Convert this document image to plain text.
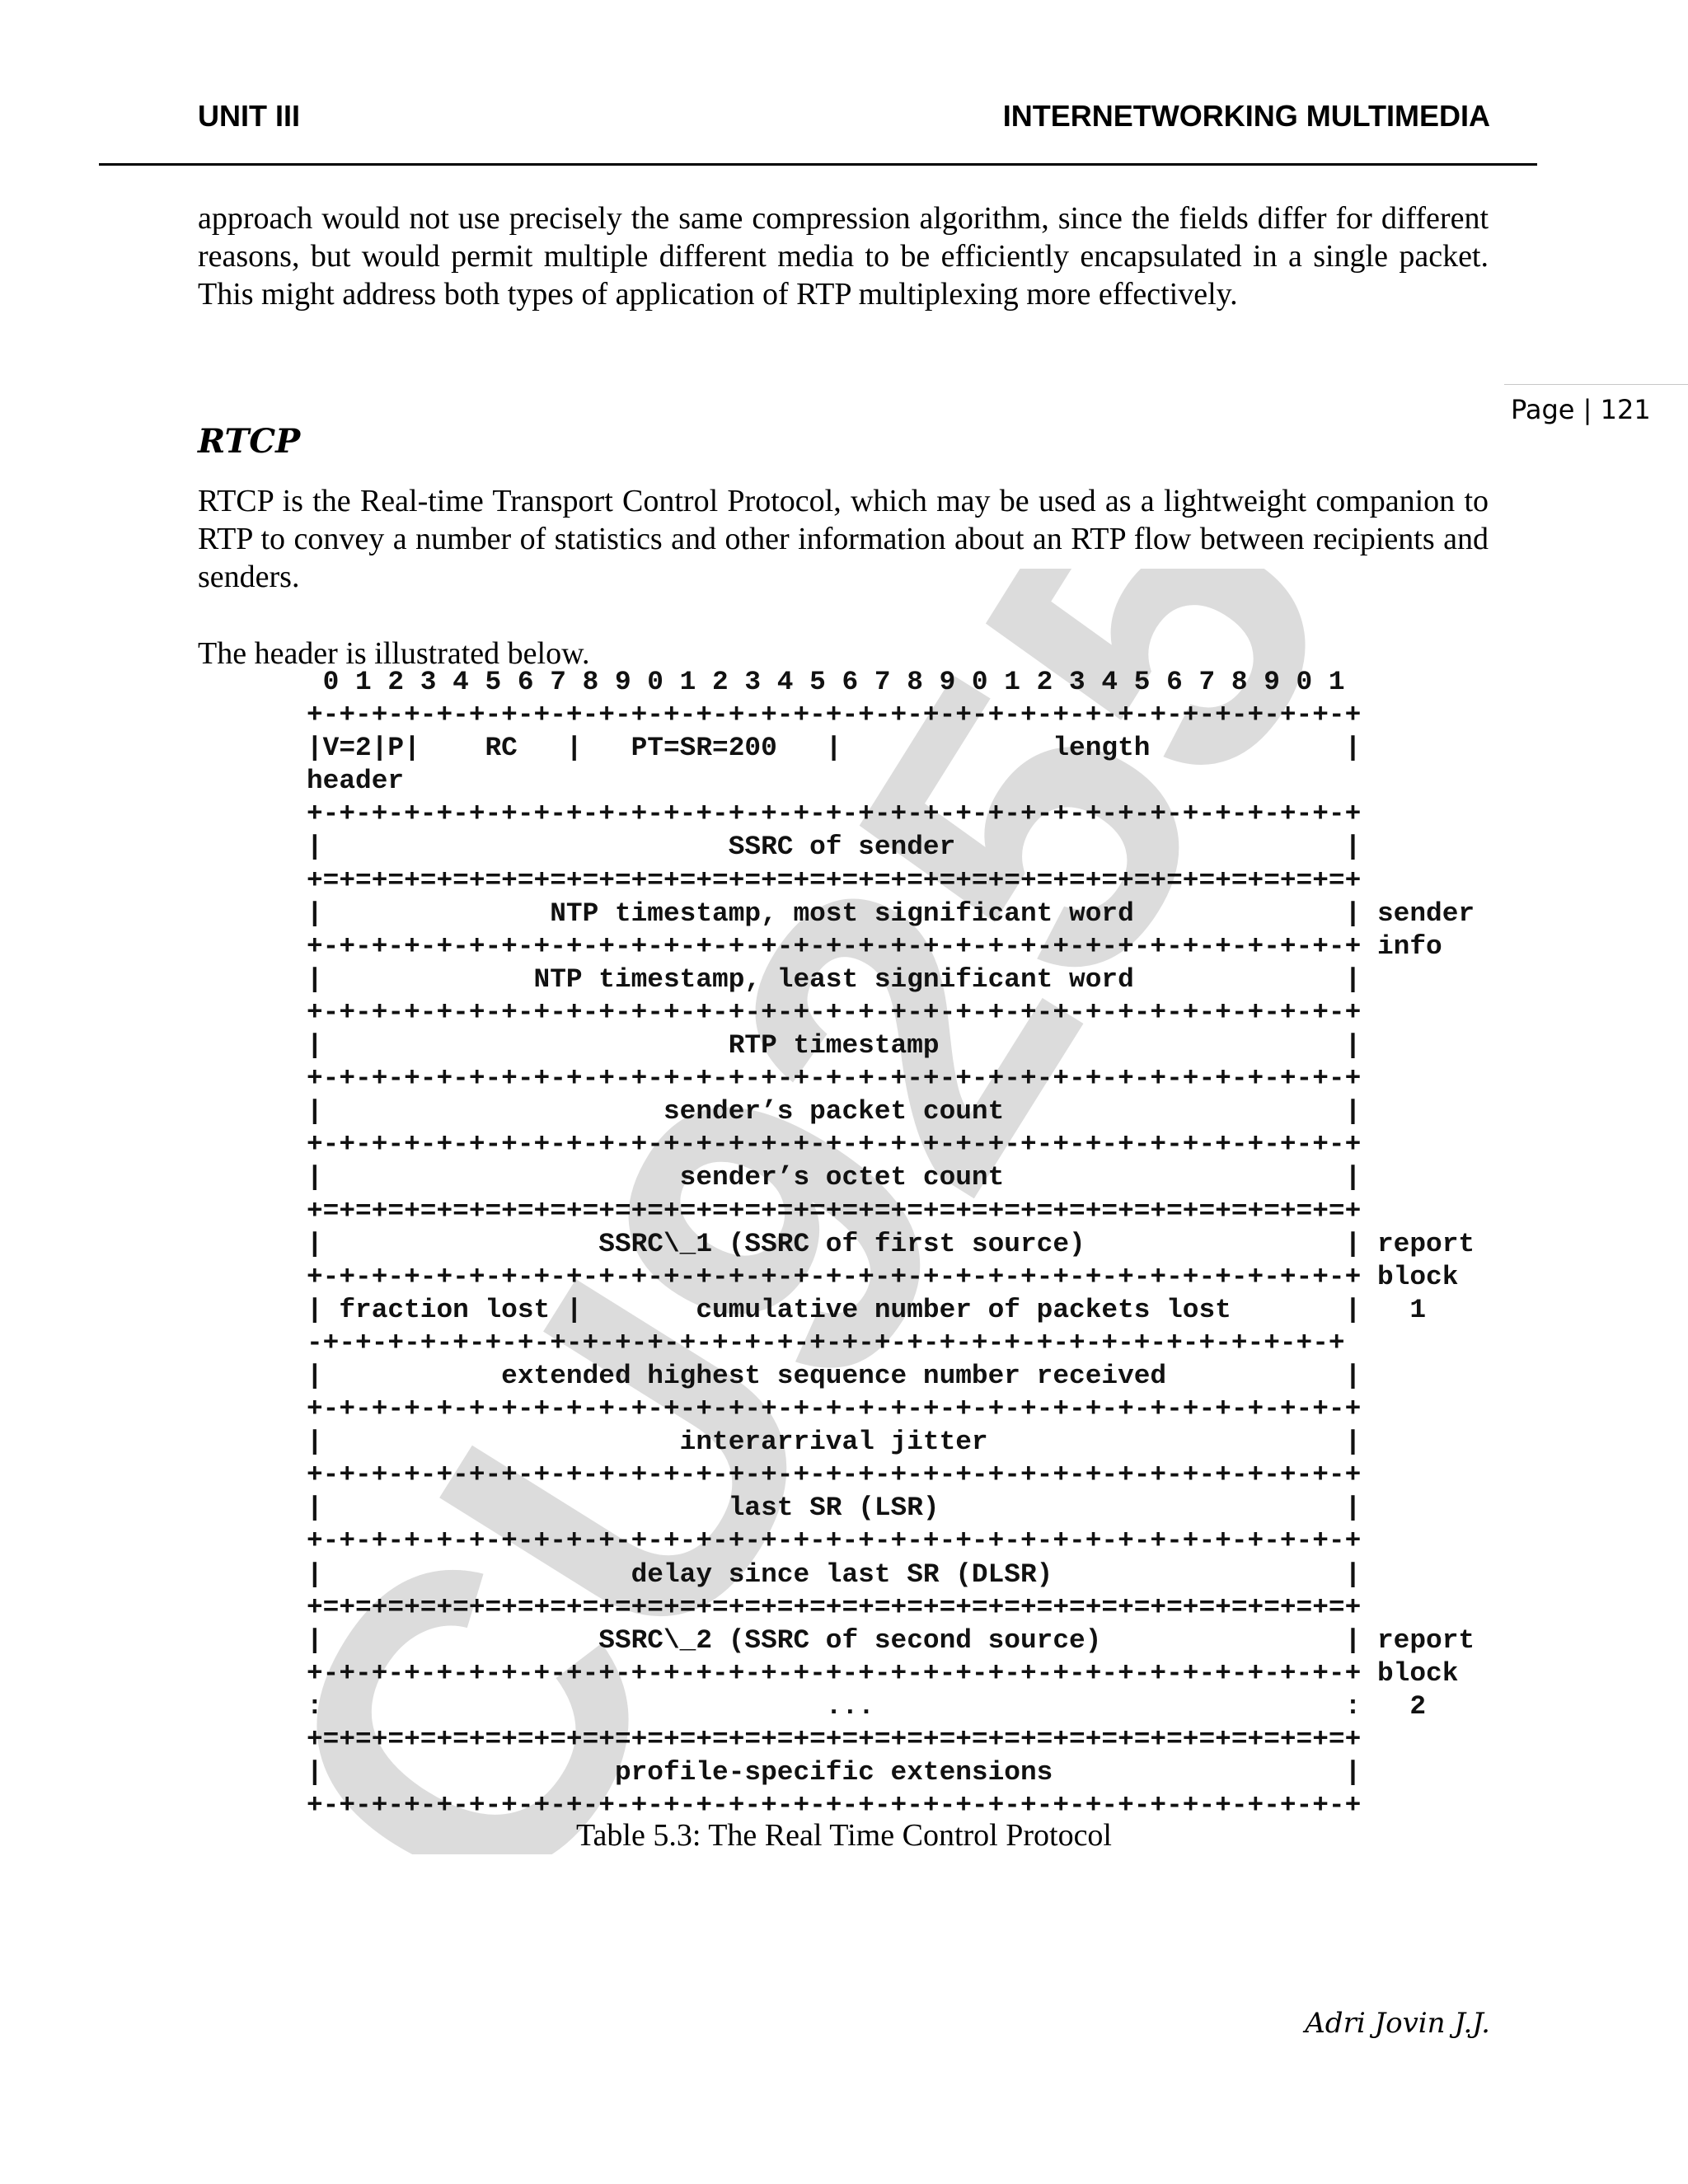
CU9255
UNIT III	INTERNETWORKING MULTIMEDIA
Page | 121

approach would not use precisely the same compression algorithm, since the fields differ for different reasons, but would permit multiple different media to be efficiently encapsulated in a single packet. This might address both types of application of RTP multiplexing more effectively.

RTCP

RTCP is the Real-time Transport Control Protocol, which may be used as a lightweight companion to RTP to convey a number of statistics and other information about an RTP flow between recipients and senders.

The header is illustrated below.

0 1 2 3 4 5 6 7 8 9 0 1 2 3 4 5 6 7 8 9 0 1 2 3 4 5 6 7 8 9 0 1
+-+-+-+-+-+-+-+-+-+-+-+-+-+-+-+-+-+-+-+-+-+-+-+-+-+-+-+-+-+-+-+-+
|V=2|P|    RC   |   PT=SR=200   |             length            |
header
+-+-+-+-+-+-+-+-+-+-+-+-+-+-+-+-+-+-+-+-+-+-+-+-+-+-+-+-+-+-+-+-+
|                         SSRC of sender                        |
+=+=+=+=+=+=+=+=+=+=+=+=+=+=+=+=+=+=+=+=+=+=+=+=+=+=+=+=+=+=+=+=+
|              NTP timestamp, most significant word             | sender
+-+-+-+-+-+-+-+-+-+-+-+-+-+-+-+-+-+-+-+-+-+-+-+-+-+-+-+-+-+-+-+-+ info
|             NTP timestamp, least significant word             |
+-+-+-+-+-+-+-+-+-+-+-+-+-+-+-+-+-+-+-+-+-+-+-+-+-+-+-+-+-+-+-+-+
|                         RTP timestamp                         |
+-+-+-+-+-+-+-+-+-+-+-+-+-+-+-+-+-+-+-+-+-+-+-+-+-+-+-+-+-+-+-+-+
|                     sender’s packet count                     |
+-+-+-+-+-+-+-+-+-+-+-+-+-+-+-+-+-+-+-+-+-+-+-+-+-+-+-+-+-+-+-+-+
|                      sender’s octet count                     |
+=+=+=+=+=+=+=+=+=+=+=+=+=+=+=+=+=+=+=+=+=+=+=+=+=+=+=+=+=+=+=+=+
|                 SSRC\_1 (SSRC of first source)                | report
+-+-+-+-+-+-+-+-+-+-+-+-+-+-+-+-+-+-+-+-+-+-+-+-+-+-+-+-+-+-+-+-+ block
| fraction lost |       cumulative number of packets lost       |   1
-+-+-+-+-+-+-+-+-+-+-+-+-+-+-+-+-+-+-+-+-+-+-+-+-+-+-+-+-+-+-+-+
|           extended highest sequence number received           |
+-+-+-+-+-+-+-+-+-+-+-+-+-+-+-+-+-+-+-+-+-+-+-+-+-+-+-+-+-+-+-+-+
|                      interarrival jitter                      |
+-+-+-+-+-+-+-+-+-+-+-+-+-+-+-+-+-+-+-+-+-+-+-+-+-+-+-+-+-+-+-+-+
|                         last SR (LSR)                         |
+-+-+-+-+-+-+-+-+-+-+-+-+-+-+-+-+-+-+-+-+-+-+-+-+-+-+-+-+-+-+-+-+
|                   delay since last SR (DLSR)                  |
+=+=+=+=+=+=+=+=+=+=+=+=+=+=+=+=+=+=+=+=+=+=+=+=+=+=+=+=+=+=+=+=+
|                 SSRC\_2 (SSRC of second source)               | report
+-+-+-+-+-+-+-+-+-+-+-+-+-+-+-+-+-+-+-+-+-+-+-+-+-+-+-+-+-+-+-+-+ block
:                               ...                             :   2
+=+=+=+=+=+=+=+=+=+=+=+=+=+=+=+=+=+=+=+=+=+=+=+=+=+=+=+=+=+=+=+=+
|                  profile-specific extensions                  |
+-+-+-+-+-+-+-+-+-+-+-+-+-+-+-+-+-+-+-+-+-+-+-+-+-+-+-+-+-+-+-+-+
Table 5.3: The Real Time Control Protocol
Adri Jovin J.J.
